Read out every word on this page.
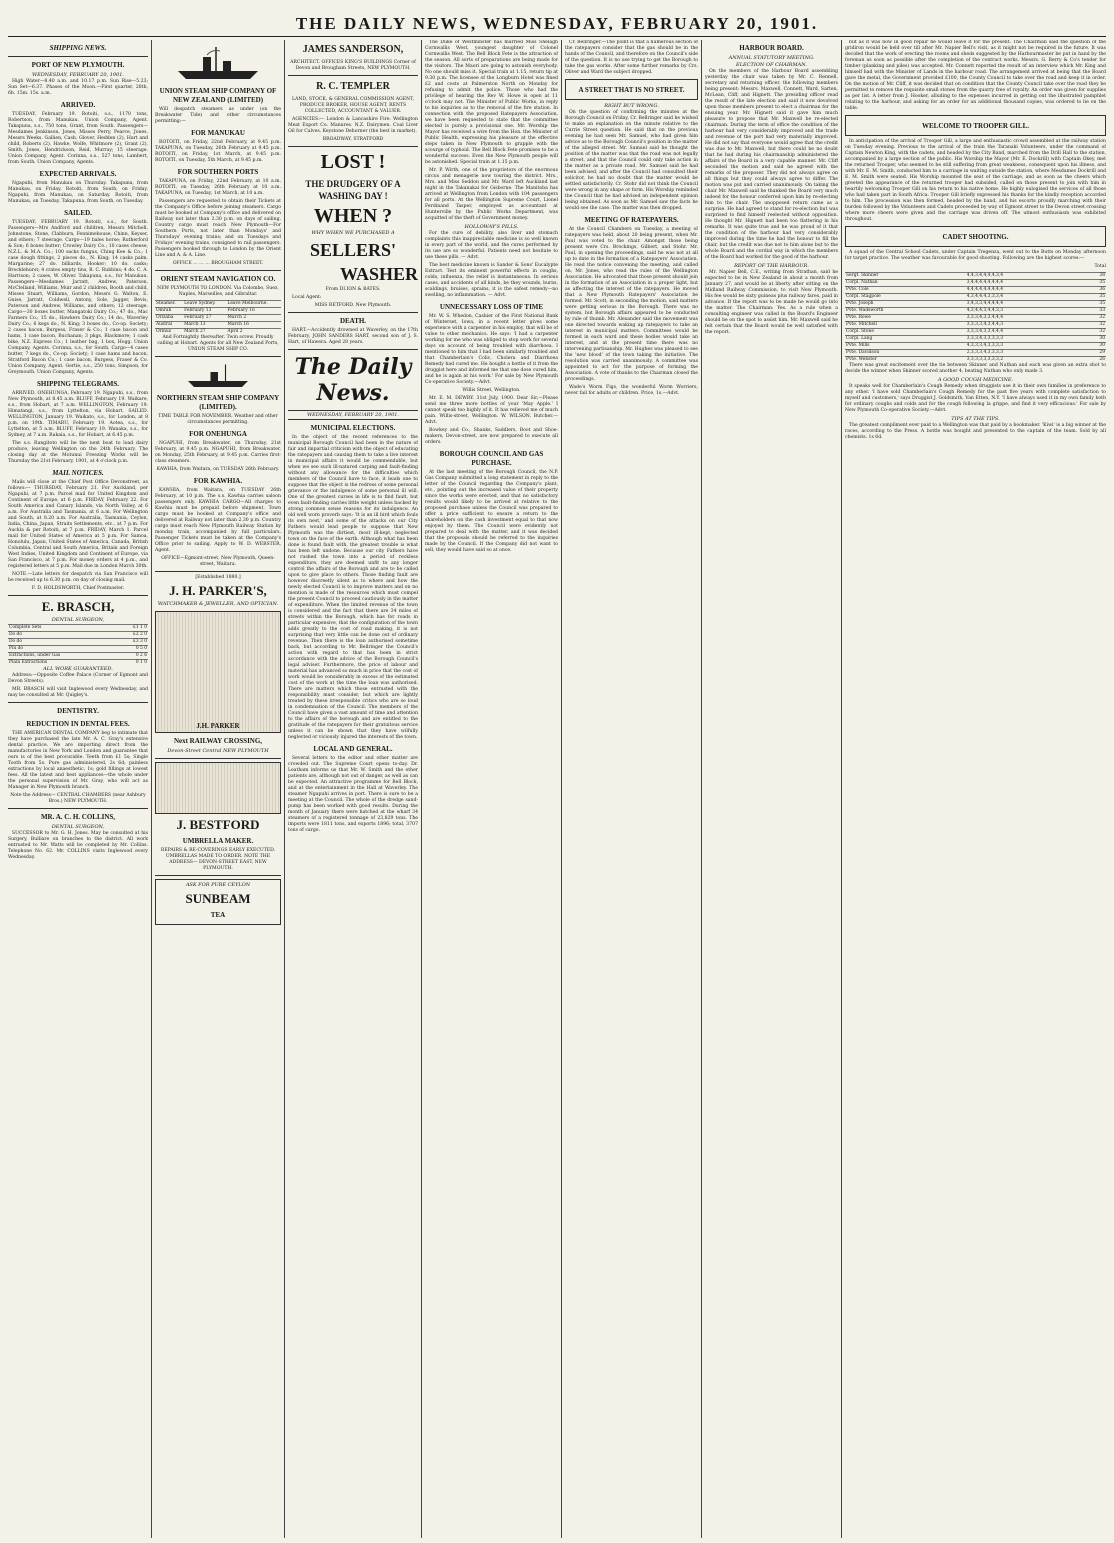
THE DAILY NEWS, WEDNESDAY, FEBRUARY 20, 1901.
SHIPPING NEWS.
PORT OF NEW PLYMOUTH.
WEDNESDAY, FEBRUARY 20, 1901.

High Water—8.40 a.m. and 10.17 p.m. Sun Rise—5.23; Sun Set—6.37. Phases of the Moon.—First quarter, 28th, 6h. 15m. 15s. a.m.

ARRIVED.

TUESDAY, February 19. Rotoiti, s.s., 1170 tons, Robertson, from Manukau. Union Company, Agent. Takapuna, s.s., 750 tons, Grant, from South. Passengers—Mesdames Jenkinson, Jones, Misses Perry, Pearce, Jones, Messrs Weeks, Gallien, Cash, Glover, Hedden (2), Hart and child, Roberts (2), Hawke, Wolfe, Whitmore (2), Grant (2), Smith, Jones, Hendrickson, Reid, Murray; 15 steerage. Union Company, Agent. Corinna, s.s., 527 tons, Lambert, from South. Union Company, Agents.

EXPECTED ARRIVALS.

Ngapuhi, from Manukau on Thursday. Takapuna, from Manukau, on Friday. Rotoiti, from South, on Friday. Ngapuhi, from Manukau, on Saturday. Rotoiti, from Manukau, on Tuesday. Takapuna, from South, on Tuesday.

SAILED.

TUESDAY, FEBRUARY 19. Rotoiti, s.s., for South. Passengers—Mrs Andford and children, Messrs Mitchell, Johnstone, Stone, Clabburn, Fennimehouse, Chinn, Keyser, and others; 7 steerage. Cargo—19 bales horse; Rutherford & Son; 6 boxes butter; Crowley Dairy Co.; 10 cases cheese, N.Z.L. & M.A. Co.; 100 sacks fungus, Ching Kee & Co.; 1 case dough fittings, 2 pieces do., N. King; 14 casks palm, Margarine; 27 do. billiards, Hooker; 10 do. casks; Brocklehurst; 4 crates empty tins, B. C. Rubbins; 4 do. C. A. Harrison; 2 cases, W. Oliver. Takapuna, s.s., for Manukau. Passengers—Mesdames Jarratt, Andrew, Paterson, McClelland, Williams, Muir and 2 children, Booth and child, Misses Stuart, Williams, Gordon, Messrs G. Walton, E. Guise, Jarratt, Coldwell, Antony, Sole, Jagger, Bevis, Paterson and Andrew, Williams, and others; 12 steerage. Cargo—30 boxes butter, Mangatoki Dairy Co.; 47 do., Mac Farmers Co.; 15 do., Hawkers Dairy Co.; 14 do., Waverley Dairy Co.; 6 kegs do., N. King; 3 boxes do., Co-op. Society; 2 cases bacon, Burgess, Fraser & Co.; 1 case bacon and hams, 1 case bacon, Buchanan; 3 pkgs, Blackmore; 1 cask bike, N.Z. Express Co.; 1 leather bag, 1 box, Hogg. Union Company, Agents. Corinna, s.s., for South. Cargo—4 cases butter, 7 kegs do., Co-op. Society; 1 case hams and bacon, Stratford Bacon Co.; 1 case bacon, Burgess, Fraser & Co. Union Company, Agent. Gertie, s.s., 250 tons, Simpson, for Greymouth. Union Company, Agents.

SHIPPING TELEGRAMS.

ARRIVED. ONEHUNGA, February 19. Ngapuhi, s.s., from New Plymouth, at 8.45 a.m. BLUFF, February 19. Waikare, s.s., from Hobart, at 7 a.m. WELLINGTON, February 19. Himatangi, s.s., from Lyttelton, via Hobart. SAILED. WELLINGTON, January 19. Waikato, s.s., for London, at 8 p.m. on 19th. TIMARU, February 19. Aotea, s.s., for Lyttelton, at 5 a.m. BLUFF, February 19. Wanaka, s.s., for Sydney, at 7 a.m. Rakaia, s.s., for Hobart, at 6.45 p.m.

The s.s. Rangitoto will be the next boat to load dairy produce, leaving Wellington on the 24th February. The closing day at the Motunui Freezing Works will be Thursday the 21st February, 1901, at 4 o'clock p.m.

MAIL NOTICES.

Mails will close at the Chief Post Office Devonstreet, as follows:— THURSDAY, February 21. For Auckland, per Ngapuhi, at 7 p.m. Parcel mail for United Kingdom and Continent of Europe, at 6 p.m. FRIDAY, February 22. For South America and Canary Islands, via North Valley, at 6 a.m. For Australia and Tasmania, at 6 a.m. For Wellington and South, at 8.20 a.m. For Australia, Tasmania, Ceylon, India, China, Japan, Straits Settlements, etc., at 7 p.m. For Auckla & per Rotoiti, at 7 p.m. FRIDAY, March 1. Parcel mail for United States of America at 5 p.m. For Samoa, Honolulu, Japan, United States of America, Canada, British Columbia, Central and South America, Britain and Foreign West Indies, United Kingdom and Continent of Europe, via San Francisco, at 7 p.m. For money orders at 4 p.m., and registered letters at 5 p.m. Mail due in London March 30th.

NOTE.—Late letters for despatch via San Francisco will be received up to 6.30 p.m. on day of closing mail.

F. D. HOLDSWORTH, Chief Postmaster.

E. BRASCH,
DENTAL SURGEON,
Complete Sets	£1 1 0
Do do	£2 2 0
Do do	£3 3 0
Pin do	0 5 0
Extractions, under Gas	0 2 6
Plain Extractions	0 1 0
ALL WORK GUARANTEED.

Address:—Opposite Coffee Palace (Corner of Egmont and Devon Streets).

MR. BRASCH will visit Inglewood every Wednesday, and may be consulted at Mr. Quigley's.

DENTISTRY.
REDUCTION IN DENTAL FEES.

THE AMERICAN DENTAL COMPANY beg to intimate that they have purchased the late Mr. A. C. Gray's extensive dental practice. We are importing direct from the manufactories in New York and London and guarantee that ours is of the best procurable. Teeth from £1 5s; Single Tooth from 5s. Pure gas administered, 2s 6d; painless extractions by local anaesthetic, 1s; gold fillings at lowest fees. All the latest and best appliances—the whole under the personal supervision of Mr. Gray, who will act as Manager in New Plymouth branch.

Note the Address— CENTRAL CHAMBERS (near Ashbury Bros.) NEW PLYMOUTH.

MR. A. C. H. COLLINS,
DENTAL SURGEON,

SUCCESSOR to Mr. G. H. Jones. May be consulted at his Surgery, Bulliare on branches to the district. All work entrusted to Mr. Watts will be completed by Mr. Collins. Telephone No. 62. Mr. COLLINS visits Inglewood every Wednesday.

UNION STEAM SHIP COMPANY OF NEW ZEALAND (LIMITED)

Will despatch steamers as under (on the Breakwater Tide) and other circumstances permitting:—

FOR MANUKAU

ROTOITI, on Friday, 22nd February, at 9.45 p.m. TAKAPUNA, on Tuesday, 26th February at 9.45 p.m. ROTOITI, on Friday, 1st March, at 9.45 p.m. ROTOITI, on Tuesday, 5th March, at 9.45 p.m.

FOR SOUTHERN PORTS

TAKAPUNA, on Friday, 22nd February, at 10 a.m. ROTOITI, on Tuesday, 26th February at 10 a.m. TAKAPUNA, on Tuesday, 1st March, at 10 a.m.

Passengers are requested to obtain their Tickets at the Company's Office before joining steamers. Cargo must be booked at Company's office and delivered on Railway not later than 2.30 p.m. on days of sailing. Country cargo must reach New Plymouth—For Southern Ports, not later than Mondays' and Thursdays' evening trains; and on Tuesdays and Fridays' evening trains, consigned to rail passengers. Passengers booked through to London by the Orient Line and A. & A. Line.

OFFICE … … … BROUGHAM STREET.

ORIENT STEAM NAVIGATION CO.

NEW PLYMOUTH TO LONDON. Via Colombo, Suez, Naples, Marseilles, and Gibraltar.

Steamer.	Leave Sydney.	Leave Melbourne.
Omrah	February 13	February 16
Orizaba	February 27	March 2
Austral	March 13	March 16
Ormuz	March 27	April 2

And Fortnightly thereafter. Twin screw. Proudly calling at Hobart. Agents for all New Zealand Ports, UNION STEAM SHIP CO.

NORTHERN STEAM SHIP COMPANY (LIMITED).

TIME TABLE FOR NOVEMBER. Weather and other circumstances permitting.

FOR ONEHUNGA

NGAPUHI, from Breakwater, on Thursday, 21st February, at 9.45 p.m. NGAPUHI, from Breakwater, on Monday, 25th February, at 9.45 p.m. Carries first-class steamers.

KAWHIA, from Waitara, on TUESDAY 26th February.

FOR KAWHIA.

KAWHIA, from Waitara, on TUESDAY 26th February, at 10 p.m. The s.s. Kawhia carries saloon passengers only. KAWHIA CARGO—All charges to Kawhia must be prepaid before shipment. Town cargo must be booked at Company's office and delivered at Railway not later than 2.30 p.m. Country cargo must reach New Plymouth Railway Station by monday train, accompanied by full particulars. Passenger Tickets must be taken at the Company's Office prior to sailing. Apply to W. D. WEBSTER, Agent.

OFFICE—Egmont-street, New Plymouth, Queen-street, Waitara.

[Established 1880.]

J. H. PARKER'S,
WATCHMAKER & JEWELLER, AND OPTICIAN.
J.H. PARKER
Next RAILWAY CROSSING,
Devon-Street Central NEW PLYMOUTH
J. BESTFORD
UMBRELLA MAKER.

REPAIRS & RE-COVERINGS EARLY EXECUTED. UMBRELLAS MADE TO ORDER. NOTE THE ADDRESS— DEVON-STREET EAST, NEW PLYMOUTH.

ASK FOR PURE CEYLON
SUNBEAM
TEA
JAMES SANDERSON,

ARCHITECT. OFFICES KING'S BUILDINGS Corner of Devon and Brougham Streets, NEW PLYMOUTH.

R. C. TEMPLER

LAND, STOCK, & GENERAL COMMISSION AGENT, PRODUCE BROKER, HOUSE AGENT, RENTS COLLECTED, ACCOUNTANT & VALUER.

AGENCIES:— London & Lancashire Fire. Wellington Meat Export Co. Manures. N.Z. Dairymen. Coal Liver Oil for Calves. Keystone Dehorner (the best in market).

BROADWAY, STRATFORD

LOST !
THE DRUDGERY OF A WASHING DAY !
WHEN ?
WHY WHEN WE PURCHASED A
SELLERS'
WASHER

From DI.ION & BATES.

Local Agent:

MISS RETFORD, New Plymouth.

DEATH.

HART.—Accidently drowned at Waverley, on the 17th February, JOHN SANDERS HART, second son of J. S. Hart, of Hawera. Aged 28 years.

The Daily News.
WEDNESDAY, FEBRUARY 20, 1901.
MUNICIPAL ELECTIONS.

In the object of the recent references to the municipal Borough Council had been in the nature of fair and impartial criticism with the object of educating the ratepayers and causing them to take a live interest in municipal affairs it would be commendable, but when we see such ill-natured carping and fault-finding without any allowance for the difficulties which members of the Council have to face, it leads one to suppose that the object is the redress of some personal grievance or the indulgence of some personal ill will. One of the greatest curses in life is to find fault, but even fault-finding carries little weight unless backed by strong common sense reasons for its indulgence. An old well worn proverb says: 'It is an ill bird which fouls its own nest,' and some of the attacks on our City Fathers would lead people to suppose that New Plymouth was the dirtiest, most ill-kept, neglected town on the face of the earth. Although what has been done is found fault with, the greatest trouble is what has been left undone. Because our city Fathers have not rushed the town into a period of reckless expenditure, they are deemed unfit to any longer control the affairs of the Borough and are to be called upon to give place to others. Those finding fault are however discreetly silent as to where and how the newly elected Council is to improve matters and on no mention is made of the resources which must compel the present Council to proceed cautiously in the matter of expenditure. When the limited revenue of the town is considered and the fact that there are 34 miles of streets within the Borough, which has for roads in particular expensive, that the configuration of the town adds greatly to the cost of road making, it is not surprising that very little can be done out of ordinary revenue. Then there is the loan authorised sometime back, but according to Mr. Bellringer the Council's action with regard to that has been in strict accordance with the advice of the Borough Council's legal adviser. Furthermore, the price of labour and material has advanced so much in price that the cost of work would be considerably in excess of the estimated cost of the work at the time the loan was authorised. There are matters which those entrusted with the responsibility must consider, but which are lightly treated by these irresponsible critics who are so loud in condemnation of the Council. The members of the Council have given a vast amount of time and attention to the affairs of the borough and are entitled to the gratitude of the ratepayers for their gratuitous service unless it can be shown that they have wilfully neglected or viciously injured the interests of the town.

LOCAL AND GENERAL.

Several letters to the editor and other matter are crowded out. The Supreme Court opens to-day. Dr. Leatham informs us that Mr. W. Smith and the other patients are, although not out of danger, as well as can be expected. An attractive programme for Bell Block, and at the entertainment in the Hall at Waverley. The steamer Ngapuhi arrives in port. There is sure to be a meeting at the Council. The whole of the dredge sand-pump has been worked with good results. During the month of January there were hatched at the wharf 34 steamers of a registered tonnage of 23,829 tons. The imports were 1811 tons, and exports 1896; total, 3707 tons of cargo.

The Duke of Westminster has married Miss Shelagh Cornwallis West, youngest daughter of Colonel Cornwallis West. The Bell Block Fete is the attraction of the season. All sorts of preparations are being made for the visitors. The Maori are going to astonish everybody. No one should miss it. Special train at 1.15, return tip at 9.30 p.m. The licensee of the Longburn Hotel was fined £2 and costs at Palmerston North on Monday for refusing to admit the police. Those who had the privilege of hearing the Rev W. Howe is open at 11 o'clock may not. The Minister of Public Works, in reply to his inquiries as to the removal of the fire station. In connection with the proposed Ratepayers Association, we have been requested to state that the committee elected is purely a provisional one. Mr. Worship the Mayor has received a wire from the Hon. the Minister of Public Health, expressing his pleasure at the effective steps taken in New Plymouth to grapple with the scourge of typhoid. The Bell Block Fete promises to be a wonderful success. Even the New Plymouth people will be astonished. Special train at 1.15 p.m.

Mr. P. Wirth, one of the proprietors of the enormous circus and menagerie now touring the district. Mrs., Mrs. and Miss Seddon and Mr. Ward left Auckland last night in the Takanakai for Gisborne. The Manitoba has arrived at Wellington from London with 104 passengers for all ports. At the Wellington Supreme Court, Lionel Ferdinand Tasper, employed as accountant at Hunterville by the Public Works Department, was acquitted of the theft of Government money.

HOLLOWAY'S PILLS.

For the cure of debility, also liver and stomach complaints this inappreciable medicine is so well known in every part of the world, and the cures performed by its use are so wonderful. Patients need not hesitate to use these pills. — Advt.

The best medicine known is Sander & Sons' Eucalypte Extract. Test its eminent powerful effects in coughs, colds, influenza, the relief is instantaneous. In serious cases, and accidents of all kinds, be they wounds, burns, scaldings, bruises, sprains, it is the safest remedy—no swelling, no inflammation. — Advt.

UNNECESSARY LOSS OF TIME

Mr. W. S. Whedon, Cashier of the First National Bank of Winterset, Iowa, in a recent letter gives some experience with a carpenter in his employ, that will be of value to other mechanics. He says: 'I had a carpenter working for me who was obliged to stop work for several days on account of being troubled with diarrhoea. I mentioned to him that I had been similarly troubled and that Chamberlain's Colic, Cholera and Diarrhoea Remedy had cured me. He bought a bottle of it from the druggist here and informed me that one dose cured him, and he is again at his work.' For sale by New Plymouth Co-operative Society.—Advt.

Willis Street, Wellington.

Mr. E. M. DEWRY. 31st July, 1900. Dear Sir,—Please send me three more bottles of your 'May Apple.' I cannot speak too highly of it. It has relieved me of much pain. Willis-street, Wellington. W. WILSON, Butcher.—Advt.

Bowkey and Co., Shanks, Saddlers, Boot and Shoe-makers, Devon-street, are now prepared to execute all orders.

BOROUGH COUNCIL AND GAS PURCHASE.

At the last meeting of the Borough Council, the N.P. Gas Company submitted a long statement in reply to the letter of the Council regarding the Company's plant, etc., pointing out the increased value of their property since the works were erected, and that no satisfactory results would likely to be arrived at relative to the proposed purchase unless the Council was prepared to offer a price sufficient to ensure a return to the shareholders on the cash investment equal to that now enjoyed by them. The Council were evidently not prepared to deal with the matter, and it was decided that the proposals should be referred to the inquiries made by the Council. If the Company did not want to sell, they would have said so at once.

Cr. Bellringer.—The point is that a numerous section of the ratepayers consider that the gas should be in the hands of the Council, and therefore on the Council's side of the question. It is no use trying to get the Borough to take the gas works. After some further remarks by Crs. Oliver and Ward the subject dropped.

A STREET THAT IS NO STREET.
RIGHT BUT WRONG.

On the question of confirming the minutes at the Borough Council on Friday, Cr. Bellringer said he wished to make an explanation on the minute relative to the Currie Street question. He said that on the previous evening he had seen Mr. Samuel, who had given him advice as to the Borough Council's position in the matter of the alleged street. Mr. Samuel said he thought the position of the matter was that the road was not legally a street, and that the Council could only take action in the matter as a private road. Mr. Samuel said he had been advised, and after the Council had consulted their solicitor, he had no doubt that the matter would be settled satisfactorily. Cr. Stohr did not think the Council were wrong in any shape or form. His Worship reminded the Council that he had advised an independent opinion being obtained. As soon as Mr. Samuel saw the facts he would see the case. The matter was then dropped.

MEETING OF RATEPAYERS.

At the Council Chambers on Tuesday, a meeting of ratepayers was held, about 20 being present, when Mr. Paul was voted to the chair. Amongst those being present were Crs. Brockings, Gilbert, and Stohr. Mr. Paul, in opening the proceedings, said he was not at all up to date in the formation of a Ratepayers' Association. He read the notice convening the meeting, and called on, Mr. Jones, who read the rules of the Wellington Association. He advocated that those present should join in the formation of an Association in a proper light, but as affecting the interest of the ratepayers. He moved that a New Plymouth Ratepayers' Association be formed. Mr. Scott, in seconding the motion, said matters were getting serious in the Borough. There was no system, but Borough affairs appeared to be conducted by rule of thumb. Mr. Alexander said the movement was one directed towards waking up ratepayers to take an interest in municipal matters. Committees would be formed in each ward and these bodies would take an interest, and at the present time there was no intervening partisanship. Mr. Hughes was pleased to see the 'new blood' of the town taking the initiative. The resolution was carried unanimously. A committee was appointed to act for the purpose of forming the Association. A vote of thanks to the Chairman closed the proceedings.

Wade's Worm Figs, the wonderful Worm Worriers, never fail for adults or children. Price, 1s.—Advt.

HARBOUR BOARD.
ANNUAL STATUTORY MEETING.
ELECTION OF CHAIRMAN.

On the members of the Harbour Board assembling yesterday the chair was taken by Mr. C. Rennell, secretary and returning officer, the following members being present: Messrs. Maxwell, Connett, Ward, Sarten, McLean, Cliff, and Hignett. The presiding officer read the result of the late election and said it now devolved upon those members present to elect a chairman for the ensuing year. Mr. Hignett said it gave him much pleasure to propose that Mr. Maxwell be re-elected chairman. During the term of office the condition of the harbour had very considerably improved and the trade and revenue of the port had very materially improved. He did not say that everyone would agree that the credit was due to Mr. Maxwell, but there could be no doubt that he had during his chairmanship administered the affairs of the Board in a very capable manner. Mr. Cliff seconded the motion and said he agreed with the remarks of the proposer. They did not always agree on all things but they could always agree to differ. The motion was put and carried unanimously. On taking the chair Mr. Maxwell said he thanked the Board very much indeed for the honour conferred upon him by re-electing him to the chair. The unopposed return came as a surprise. He had agreed to stand for re-election but was surprised to find himself reelected without opposition. He thought Mr. Hignett had been too flattering in his remarks. It was quite true and he was proud of it that the condition of the harbour had very considerably improved during the time he had the honour to fill the chair, but the credit was due not to him alone but to the whole Board and the cordial way in which the members of the Board had worked for the good of the harbour.

REPORT OF THE HARBOUR.

Mr. Napier Bell, C.E., writing from Strathan, said he expected to be in New Zealand in about a month from January 27, and would be at liberty after sitting on the Midland Railway Commission, to visit New Plymouth. His fee would be sixty guineas plus railway fares, paid in advance. If the report was to be made he would go into the matter. The Chairman: Yes. As a rule when a consulting engineer was called in the Board's Engineer should be on the spot to assist him. Mr. Maxwell said he felt certain that the Board would be well satisfied with the report.

but as it was now in good repair he would leave it for the present. The Chairman said the question of the gridiron would be held over till after Mr. Napier Bell's visit, as it might not be required in the future. It was decided that the work of erecting the rooms and sheds suggested by the Harbourmaster be put in hand by the foreman as soon as possible after the completion of the contract works. Messrs. G. Berry & Co's tender for timber (planking and piles) was accepted. Mr. Connett reported the result of an interview which Mr. King and himself had with the Minister of Lands in the harbour road. The arrangement arrived at being that the Board gave the metal, the Government provided £100, the County Council to take over the road and keep it in order. On the motion of Mr. Cliff, it was decided that on condition that the County Council take over the road they be permitted to remove the requisite small stones from the quarry free of royalty. An order was given for supplies as per list. A letter from J. Hooker, alluding to the expenses incurred in getting out the illustrated pamphlet relating to the harbour, and asking for an order for an additional thousand copies, was ordered to lie on the table.

WELCOME TO TROOPER GILL.

In anticipation of the arrival of Trooper Gill, a large and enthusiastic crowd assembled at the railway station on Tuesday evening. Previous to the arrival of the train the Taranaki Volunteers, under the command of Captain Newton King, with the cadets, and headed by the City Band, marched from the Drill Hall to the station, accompanied by a large section of the public. His Worship the Mayor (Mr. E. Dockrill) with Captain Okey, met the returned Trooper, who seemed to be still suffering from great weakness, consequent upon his illness, and with Mr. E. M. Smith, conducted him to a carriage in waiting outside the station, where Mesdames Dockrill and E. M. Smith were seated. His Worship mounted the seat of the carriage, and as soon as the cheers which greeted the appearance of the returned trooper had subsided, called on those present to join with him in heartily welcoming Trooper Gill on his return to his native home. He highly eulogised the services of all those who had taken part in South Africa. Trooper Gill briefly expressed his thanks for the kindly reception accorded to him. The procession was then formed, headed by the band, and his escorts proudly marching with their burden followed by the Volunteers and Cadets proceeded by way of Egmont street to the Devon street crossing where more cheers were given and the carriage was driven off. The utmost enthusiasm was exhibited throughout.

CADET SHOOTING.

A squad of the Central School Cadets, under Captain Tregenza, went out to the Butts on Monday afternoon for target practice. The weather was favourable for good shooting. Following are the highest scores:—

Total

Sergt. Skinner	4,4,3,4,4,4,4,3,4	38
Corpl. Nathan	3,4,4,4,4,4,4,4,4	35
Pvte. Cole	4,4,4,4,4,4,4,4,4	36
Corpl. Stagpole	4,3,4,4,4,3,3,3,4	35
Pvte. Joseph	3,4,3,3,4,4,4,4,4	35
Pvte. Wadsworth	4,3,4,4,3,4,4,3,3	33
Pvte. Rowe	3,3,3,4,3,3,4,4,4	32
Pvte. Mitchell	3,3,3,3,4,3,4,4,3	32
Corpl. Stone	3,3,3,4,3,3,4,4,4	32
Corpl. Lang	3,3,3,4,3,3,3,3,3	30
Pvte. Mills	4,3,3,3,4,3,3,3,3	30
Pvte. Davidson	2,3,3,3,4,3,3,3,3	29
Pvte. Webster	3,3,3,3,3,3,3,3,2	26

There was great excitement over the tie between Skinner and Nathan and each was given an extra shot to decide the winner when Skinner scored another 4, beating Nathan who only made 3.

A GOOD COUGH MEDICINE.

It speaks well for Chamberlain's Cough Remedy when druggists use it in their own families in preference to any other. 'I have sold Chamberlain's Cough Remedy for the past five years with complete satisfaction to myself and customers,' says Druggist J. Goldsmith, Van Etten, N.Y. 'I have always used it in my own family both for ordinary coughs and colds and for the cough following la grippe, and find it very efficacious.' For sale by New Plymouth Co-operative Society.—Advt.

TIPS AT THE TIPS.

The greatest compliment ever paid to a Wellington was that paid by a bookmaker. 'Kiwi' is a big winner at the races, according to the Press. A bottle was bought and presented to the captain of the team. Sold by all chemists. 1s 6d.
